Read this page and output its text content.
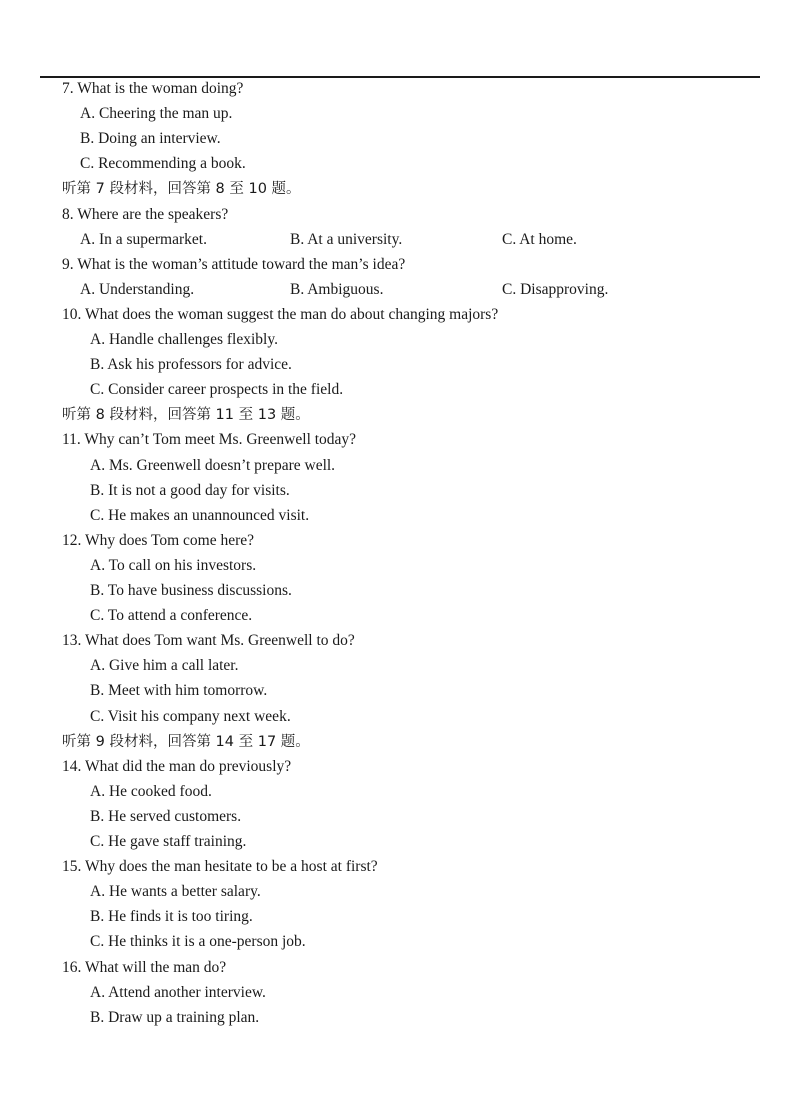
7. What is the woman doing?
A. Cheering the man up.
B. Doing an interview.
C. Recommending a book.
听第 7 段材料，回答第 8 至 10 题。
8. Where are the speakers?
A. In a supermarket.	B. At a university.	C. At home.
9. What is the woman’s attitude toward the man’s idea?
A. Understanding.	B. Ambiguous.	C. Disapproving.
10. What does the woman suggest the man do about changing majors?
A. Handle challenges flexibly.
B. Ask his professors for advice.
C. Consider career prospects in the field.
听第 8 段材料，回答第 11 至 13 题。
11. Why can’t Tom meet Ms. Greenwell today?
A. Ms. Greenwell doesn’t prepare well.
B. It is not a good day for visits.
C. He makes an unannounced visit.
12. Why does Tom come here?
A. To call on his investors.
B. To have business discussions.
C. To attend a conference.
13. What does Tom want Ms. Greenwell to do?
A. Give him a call later.
B. Meet with him tomorrow.
C. Visit his company next week.
听第 9 段材料，回答第 14 至 17 题。
14. What did the man do previously?
A. He cooked food.
B. He served customers.
C. He gave staff training.
15. Why does the man hesitate to be a host at first?
A. He wants a better salary.
B. He finds it is too tiring.
C. He thinks it is a one-person job.
16. What will the man do?
A. Attend another interview.
B. Draw up a training plan.
